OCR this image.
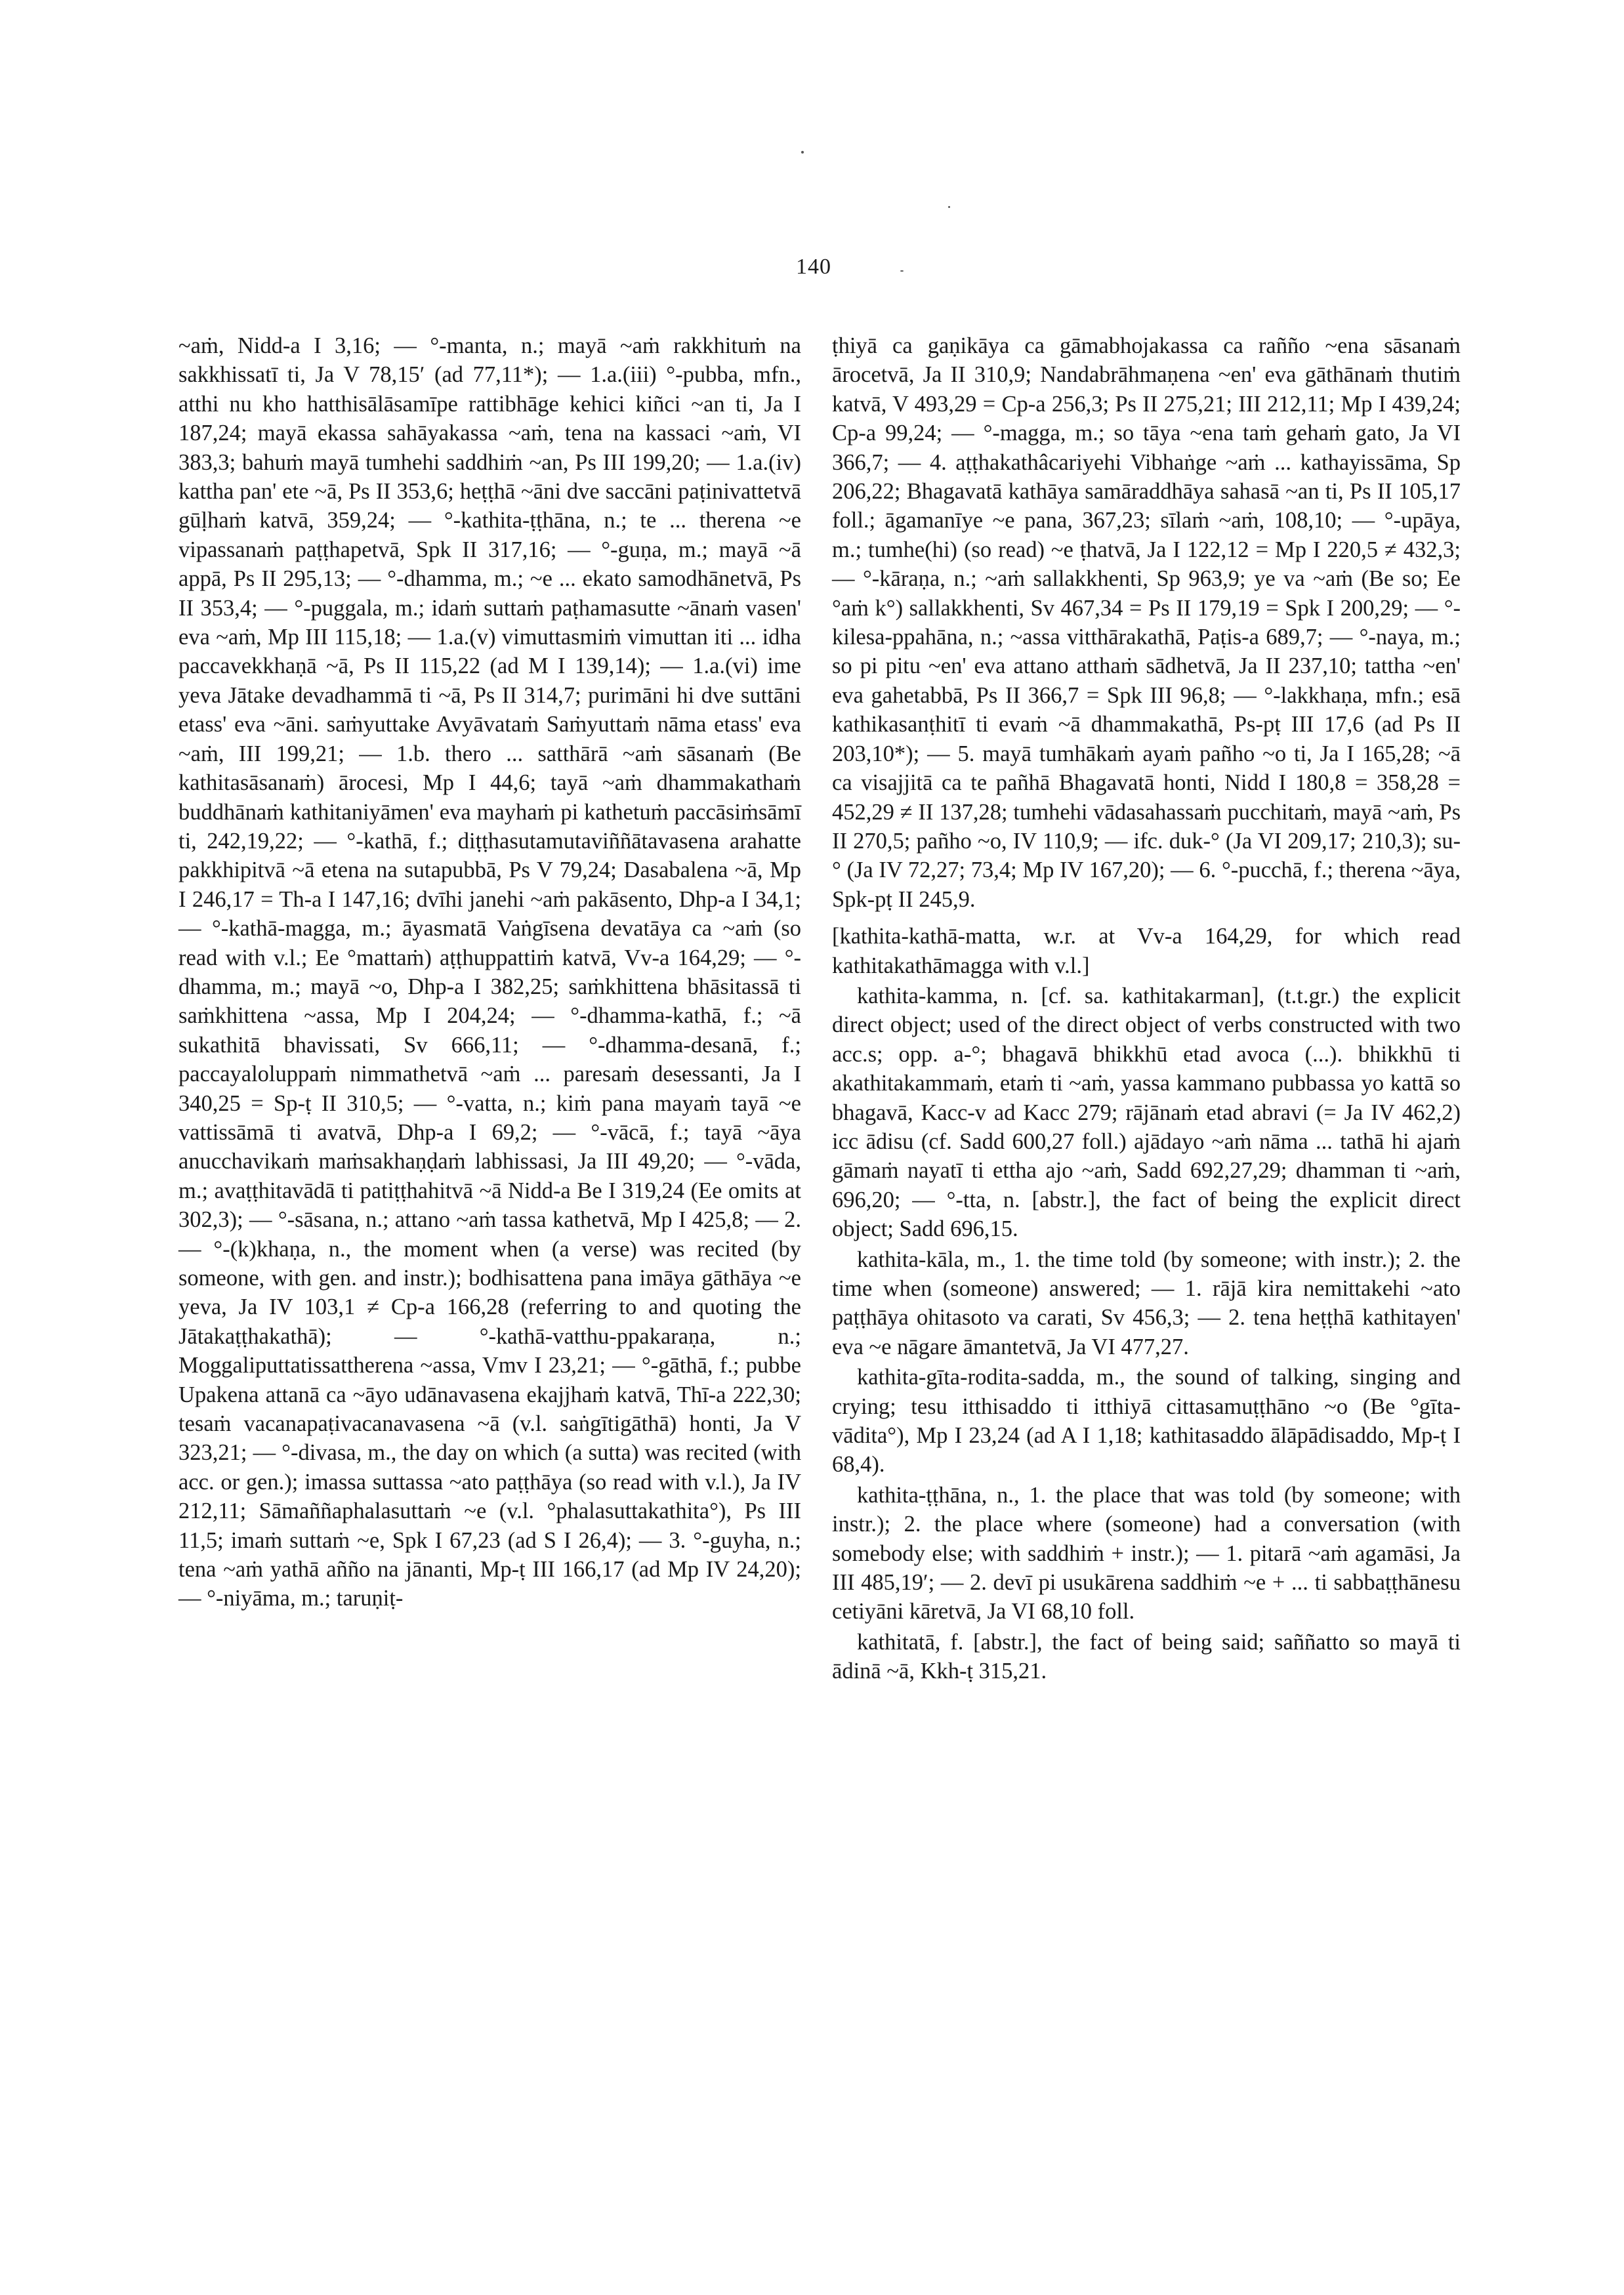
140

~aṁ, Nidd-a I 3,16; — °-manta, n.; mayā ~aṁ rakkhituṁ na sakkhissatī ti, Ja V 78,15ʹ (ad 77,11*); — 1.a.(iii) °-pubba, mfn., atthi nu kho hatthisālāsamīpe rattibhāge kehici kiñci ~an ti, Ja I 187,24; mayā ekassa sahāyakassa ~aṁ, tena na kassaci ~aṁ, VI 383,3; bahuṁ mayā tumhehi saddhiṁ ~an, Ps III 199,20; — 1.a.(iv) kattha pan' ete ~ā, Ps II 353,6; heṭṭhā ~āni dve saccāni paṭinivattetvā gūḷhaṁ katvā, 359,24; — °-kathita-ṭṭhāna, n.; te ... therena ~e vipassanaṁ paṭṭhapetvā, Spk II 317,16; — °-guṇa, m.; mayā ~ā appā, Ps II 295,13; — °-dhamma, m.; ~e ... ekato samodhānetvā, Ps II 353,4; — °-puggala, m.; idaṁ suttaṁ paṭhamasutte ~ānaṁ vasen' eva ~aṁ, Mp III 115,18; — 1.a.(v) vimuttasmiṁ vimuttan iti ... idha paccavekkhaṇā ~ā, Ps II 115,22 (ad M I 139,14); — 1.a.(vi) ime yeva Jātake devadhammā ti ~ā, Ps II 314,7; purimāni hi dve suttāni etass' eva ~āni. saṁyuttake Avyāvataṁ Saṁyuttaṁ nāma etass' eva ~aṁ, III 199,21; — 1.b. thero ... satthārā ~aṁ sāsanaṁ (Be kathitasāsanaṁ) ārocesi, Mp I 44,6; tayā ~aṁ dhammakathaṁ buddhānaṁ kathitaniyāmen' eva mayhaṁ pi kathetuṁ paccāsiṁsāmī ti, 242,19,22; — °-kathā, f.; diṭṭhasutamutaviññātavasena arahatte pakkhipitvā ~ā etena na sutapubbā, Ps V 79,24; Dasabalena ~ā, Mp I 246,17 = Th-a I 147,16; dvīhi janehi ~aṁ pakāsento, Dhp-a I 34,1; — °-kathā-magga, m.; āyasmatā Vaṅgīsena devatāya ca ~aṁ (so read with v.l.; Ee °mattaṁ) aṭṭhuppattiṁ katvā, Vv-a 164,29; — °-dhamma, m.; mayā ~o, Dhp-a I 382,25; saṁkhittena bhāsitassā ti saṁkhittena ~assa, Mp I 204,24; — °-dhamma-kathā, f.; ~ā sukathitā bhavissati, Sv 666,11; — °-dhamma-desanā, f.; paccayaloluppaṁ nimmathetvā ~aṁ ... paresaṁ desessanti, Ja I 340,25 = Sp-ṭ II 310,5; — °-vatta, n.; kiṁ pana mayaṁ tayā ~e vattissāmā ti avatvā, Dhp-a I 69,2; — °-vācā, f.; tayā ~āya anucchavikaṁ maṁsakhaṇḍaṁ labhissasi, Ja III 49,20; — °-vāda, m.; avaṭṭhitavādā ti patiṭṭhahitvā ~ā Nidd-a Be I 319,24 (Ee omits at 302,3); — °-sāsana, n.; attano ~aṁ tassa kathetvā, Mp I 425,8; — 2. — °-(k)khaṇa, n., the moment when (a verse) was recited (by someone, with gen. and instr.); bodhisattena pana imāya gāthāya ~e yeva, Ja IV 103,1 ≠ Cp-a 166,28 (referring to and quoting the Jātakaṭṭhakathā); — °-kathā-vatthu-ppakaraṇa, n.; Moggaliputtatissattherena ~assa, Vmv I 23,21; — °-gāthā, f.; pubbe Upakena attanā ca ~āyo udānavasena ekajjhaṁ katvā, Thī-a 222,30; tesaṁ vacanapaṭivacanavasena ~ā (v.l. saṅgītigāthā) honti, Ja V 323,21; — °-divasa, m., the day on which (a sutta) was recited (with acc. or gen.); imassa suttassa ~ato paṭṭhāya (so read with v.l.), Ja IV 212,11; Sāmaññaphalasuttaṁ ~e (v.l. °phalasuttakathita°), Ps III 11,5; imaṁ suttaṁ ~e, Spk I 67,23 (ad S I 26,4); — 3. °-guyha, n.; tena ~aṁ yathā añño na jānanti, Mp-ṭ III 166,17 (ad Mp IV 24,20); — °-niyāma, m.; taruṇiṭ-

ṭhiyā ca gaṇikāya ca gāmabhojakassa ca rañño ~ena sāsanaṁ ārocetvā, Ja II 310,9; Nandabrāhmaṇena ~en' eva gāthānaṁ thutiṁ katvā, V 493,29 = Cp-a 256,3; Ps II 275,21; III 212,11; Mp I 439,24; Cp-a 99,24; — °-magga, m.; so tāya ~ena taṁ gehaṁ gato, Ja VI 366,7; — 4. aṭṭhakathâcariyehi Vibhaṅge ~aṁ ... kathayissāma, Sp 206,22; Bhagavatā kathāya samāraddhāya sahasā ~an ti, Ps II 105,17 foll.; āgamanīye ~e pana, 367,23; sīlaṁ ~aṁ, 108,10; — °-upāya, m.; tumhe(hi) (so read) ~e ṭhatvā, Ja I 122,12 = Mp I 220,5 ≠ 432,3; — °-kāraṇa, n.; ~aṁ sallakkhenti, Sp 963,9; ye va ~aṁ (Be so; Ee °aṁ k°) sallakkhenti, Sv 467,34 = Ps II 179,19 = Spk I 200,29; — °-kilesa-ppahāna, n.; ~assa vitthārakathā, Paṭis-a 689,7; — °-naya, m.; so pi pitu ~en' eva attano atthaṁ sādhetvā, Ja II 237,10; tattha ~en' eva gahetabbā, Ps II 366,7 = Spk III 96,8; — °-lakkhaṇa, mfn.; esā kathikasanṭhitī ti evaṁ ~ā dhammakathā, Ps-pṭ III 17,6 (ad Ps II 203,10*); — 5. mayā tumhākaṁ ayaṁ pañho ~o ti, Ja I 165,28; ~ā ca visajjitā ca te pañhā Bhagavatā honti, Nidd I 180,8 = 358,28 = 452,29 ≠ II 137,28; tumhehi vādasahassaṁ pucchitaṁ, mayā ~aṁ, Ps II 270,5; pañho ~o, IV 110,9; — ifc. duk-° (Ja VI 209,17; 210,3); su-° (Ja IV 72,27; 73,4; Mp IV 167,20); — 6. °-pucchā, f.; therena ~āya, Spk-pṭ II 245,9.

[kathita-kathā-matta, w.r. at Vv-a 164,29, for which read kathitakathāmagga with v.l.]

kathita-kamma, n. [cf. sa. kathitakarman], (t.t.gr.) the explicit direct object; used of the direct object of verbs constructed with two acc.s; opp. a-°; bhagavā bhikkhū etad avoca (...). bhikkhū ti akathitakammaṁ, etaṁ ti ~aṁ, yassa kammano pubbassa yo kattā so bhagavā, Kacc-v ad Kacc 279; rājānaṁ etad abravi (= Ja IV 462,2) icc ādisu (cf. Sadd 600,27 foll.) ajādayo ~aṁ nāma ... tathā hi ajaṁ gāmaṁ nayatī ti ettha ajo ~aṁ, Sadd 692,27,29; dhamman ti ~aṁ, 696,20; — °-tta, n. [abstr.], the fact of being the explicit direct object; Sadd 696,15.

kathita-kāla, m., 1. the time told (by someone; with instr.); 2. the time when (someone) answered; — 1. rājā kira nemittakehi ~ato paṭṭhāya ohitasoto va carati, Sv 456,3; — 2. tena heṭṭhā kathitayen' eva ~e nāgare āmantetvā, Ja VI 477,27.

kathita-gīta-rodita-sadda, m., the sound of talking, singing and crying; tesu itthisaddo ti itthiyā cittasamuṭṭhāno ~o (Be °gīta-vādita°), Mp I 23,24 (ad A I 1,18; kathitasaddo ālāpādisaddo, Mp-ṭ I 68,4).

kathita-ṭṭhāna, n., 1. the place that was told (by someone; with instr.); 2. the place where (someone) had a conversation (with somebody else; with saddhiṁ + instr.); — 1. pitarā ~aṁ agamāsi, Ja III 485,19ʹ; — 2. devī pi usukārena saddhiṁ ~e + ... ti sabbaṭṭhānesu cetiyāni kāretvā, Ja VI 68,10 foll.

kathitatā, f. [abstr.], the fact of being said; saññatto so mayā ti ādinā ~ā, Kkh-ṭ 315,21.
